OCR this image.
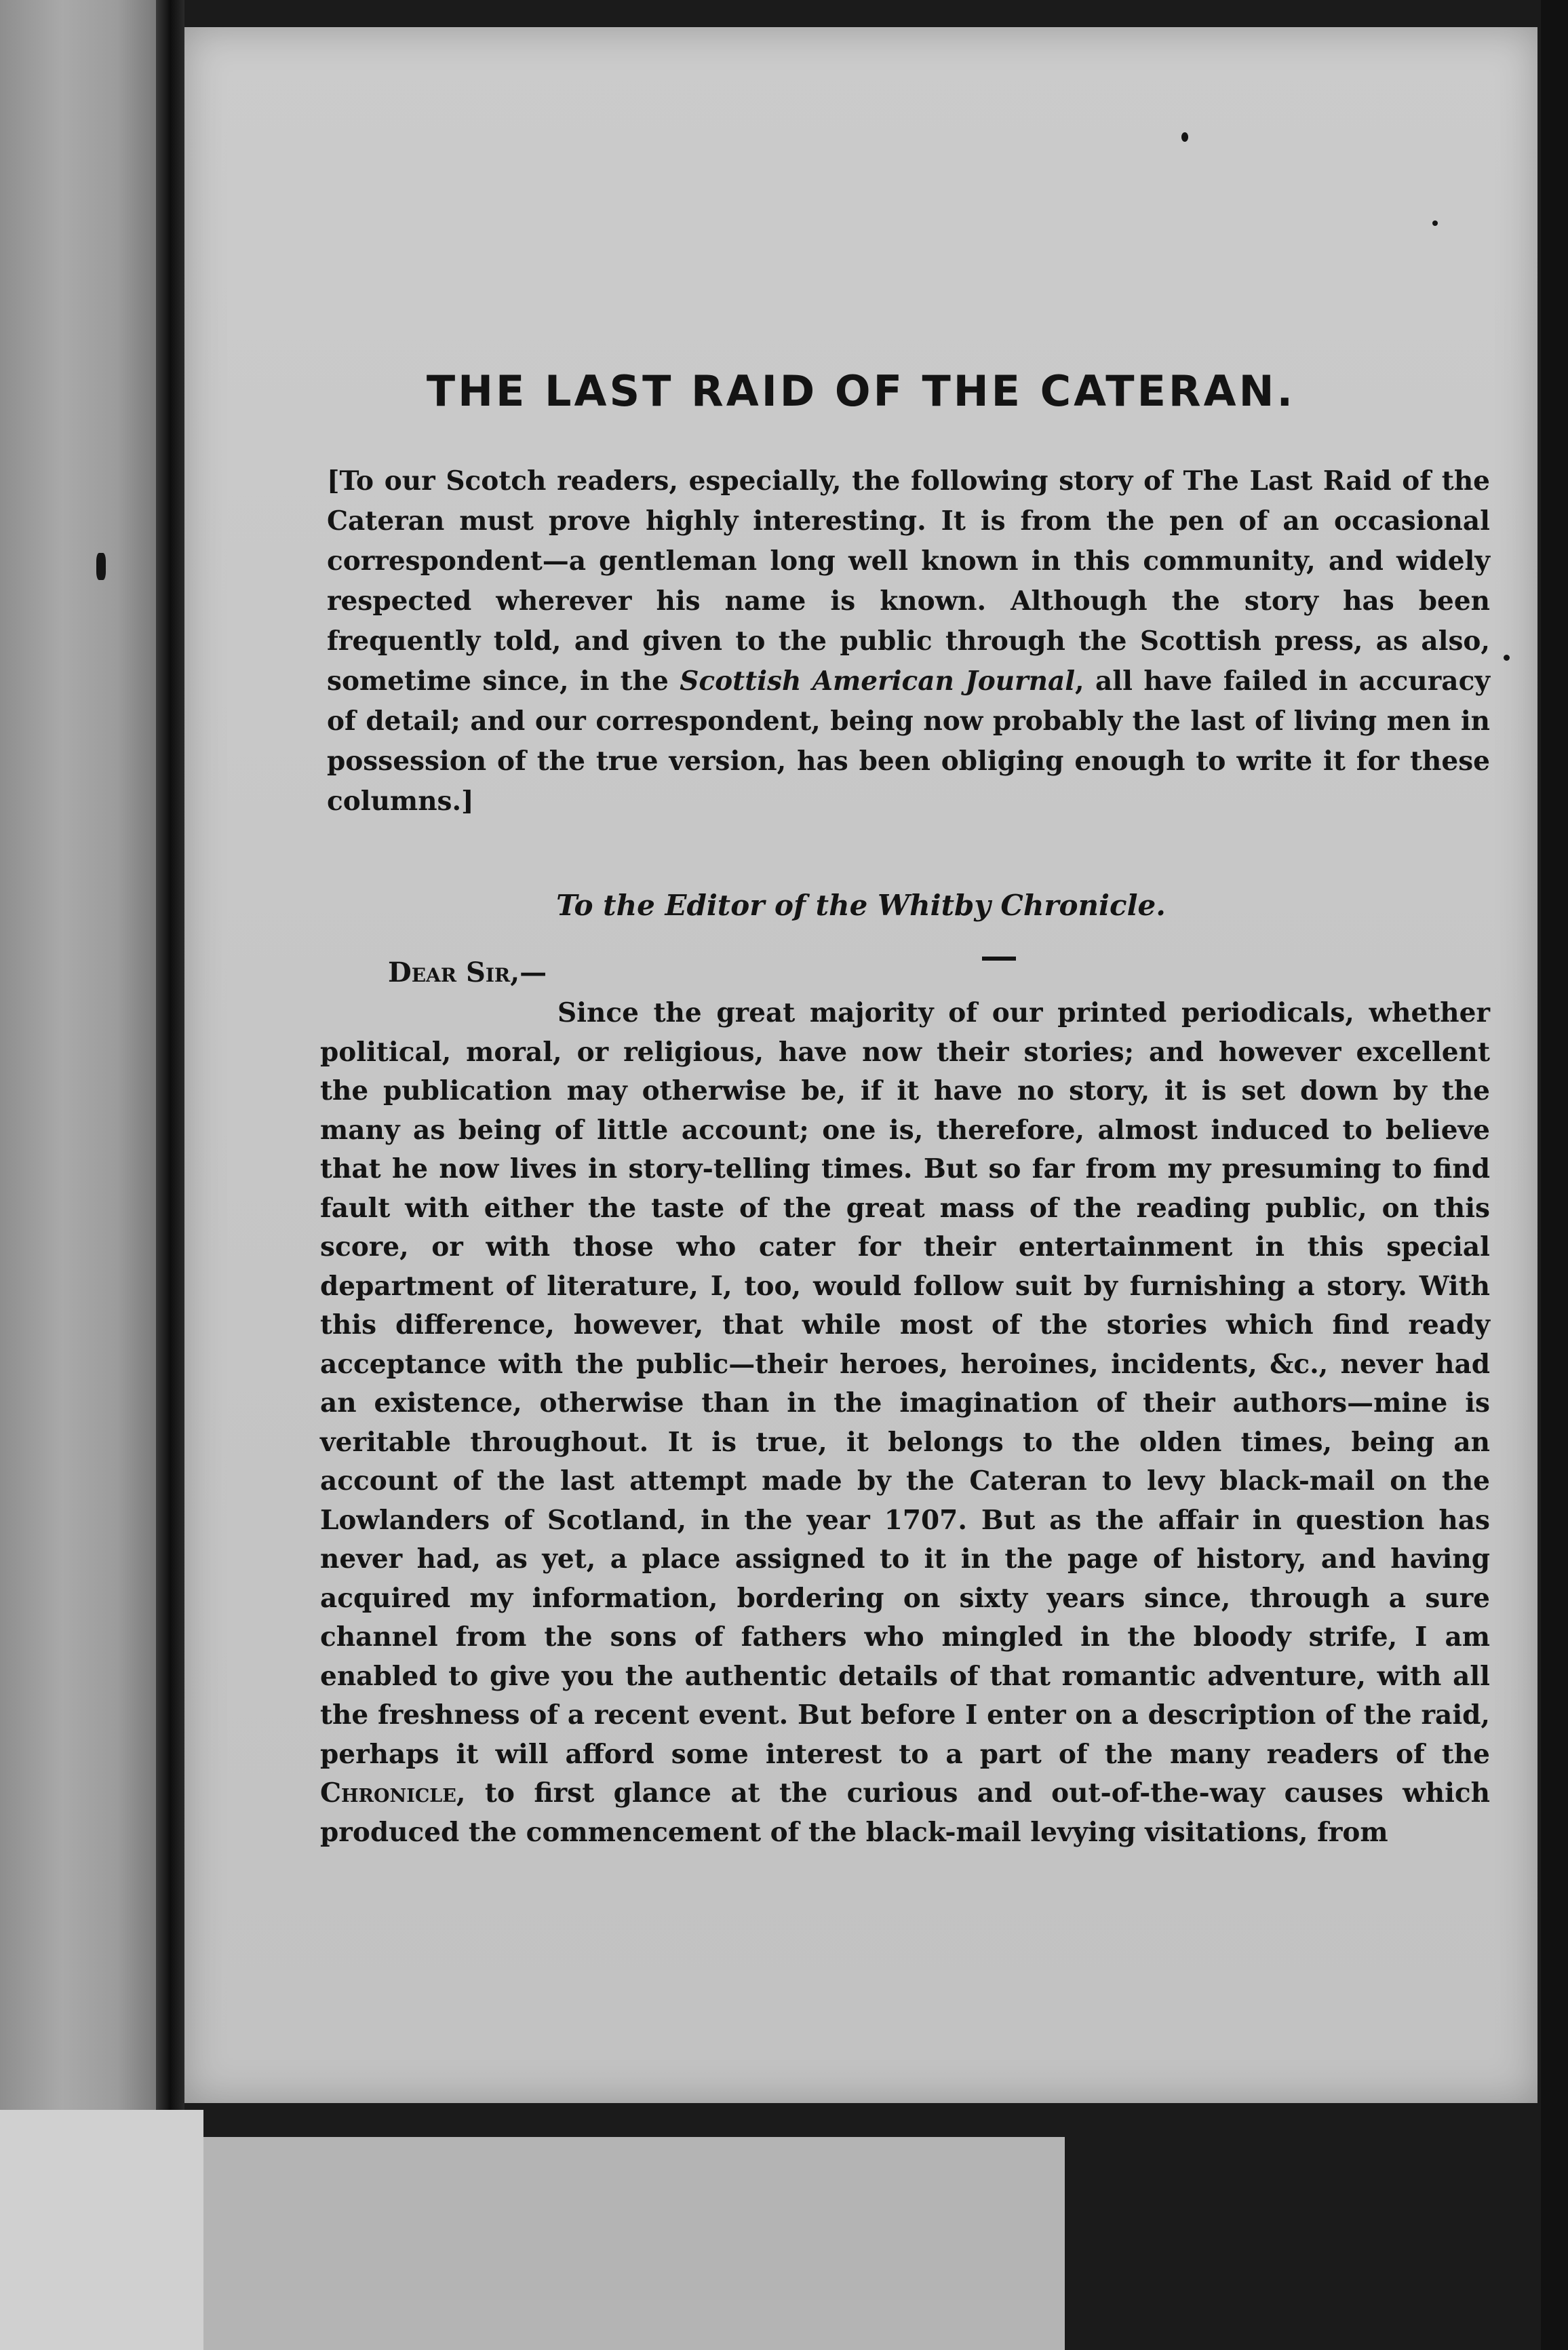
THE LAST RAID OF THE CATERAN.

[To our Scotch readers, especially, the following story of The Last Raid of the Cateran must prove highly interesting. It is from the pen of an occasional correspondent—a gentleman long well known in this community, and widely respected wherever his name is known. Although the story has been frequently told, and given to the public through the Scottish press, as also, sometime since, in the Scottish American Journal, all have failed in accuracy of detail; and our correspondent, being now probably the last of living men in possession of the true version, has been obliging enough to write it for these columns.]

To the Editor of the Whitby Chronicle.

Dear Sir,—

Since the great majority of our printed periodicals, whether political, moral, or religious, have now their stories; and however excellent the publication may otherwise be, if it have no story, it is set down by the many as being of little account; one is, therefore, almost induced to believe that he now lives in story-telling times. But so far from my presuming to find fault with either the taste of the great mass of the reading public, on this score, or with those who cater for their entertainment in this special department of literature, I, too, would follow suit by furnishing a story. With this difference, however, that while most of the stories which find ready acceptance with the public—their heroes, heroines, incidents, &c., never had an existence, otherwise than in the imagination of their authors—mine is veritable throughout. It is true, it belongs to the olden times, being an account of the last attempt made by the Cateran to levy black-mail on the Lowlanders of Scotland, in the year 1707. But as the affair in question has never had, as yet, a place assigned to it in the page of history, and having acquired my information, bordering on sixty years since, through a sure channel from the sons of fathers who mingled in the bloody strife, I am enabled to give you the authentic details of that romantic adventure, with all the freshness of a recent event. But before I enter on a description of the raid, perhaps it will afford some interest to a part of the many readers of the Chronicle, to first glance at the curious and out-of-the-way causes which produced the commencement of the black-mail levying visitations, from
